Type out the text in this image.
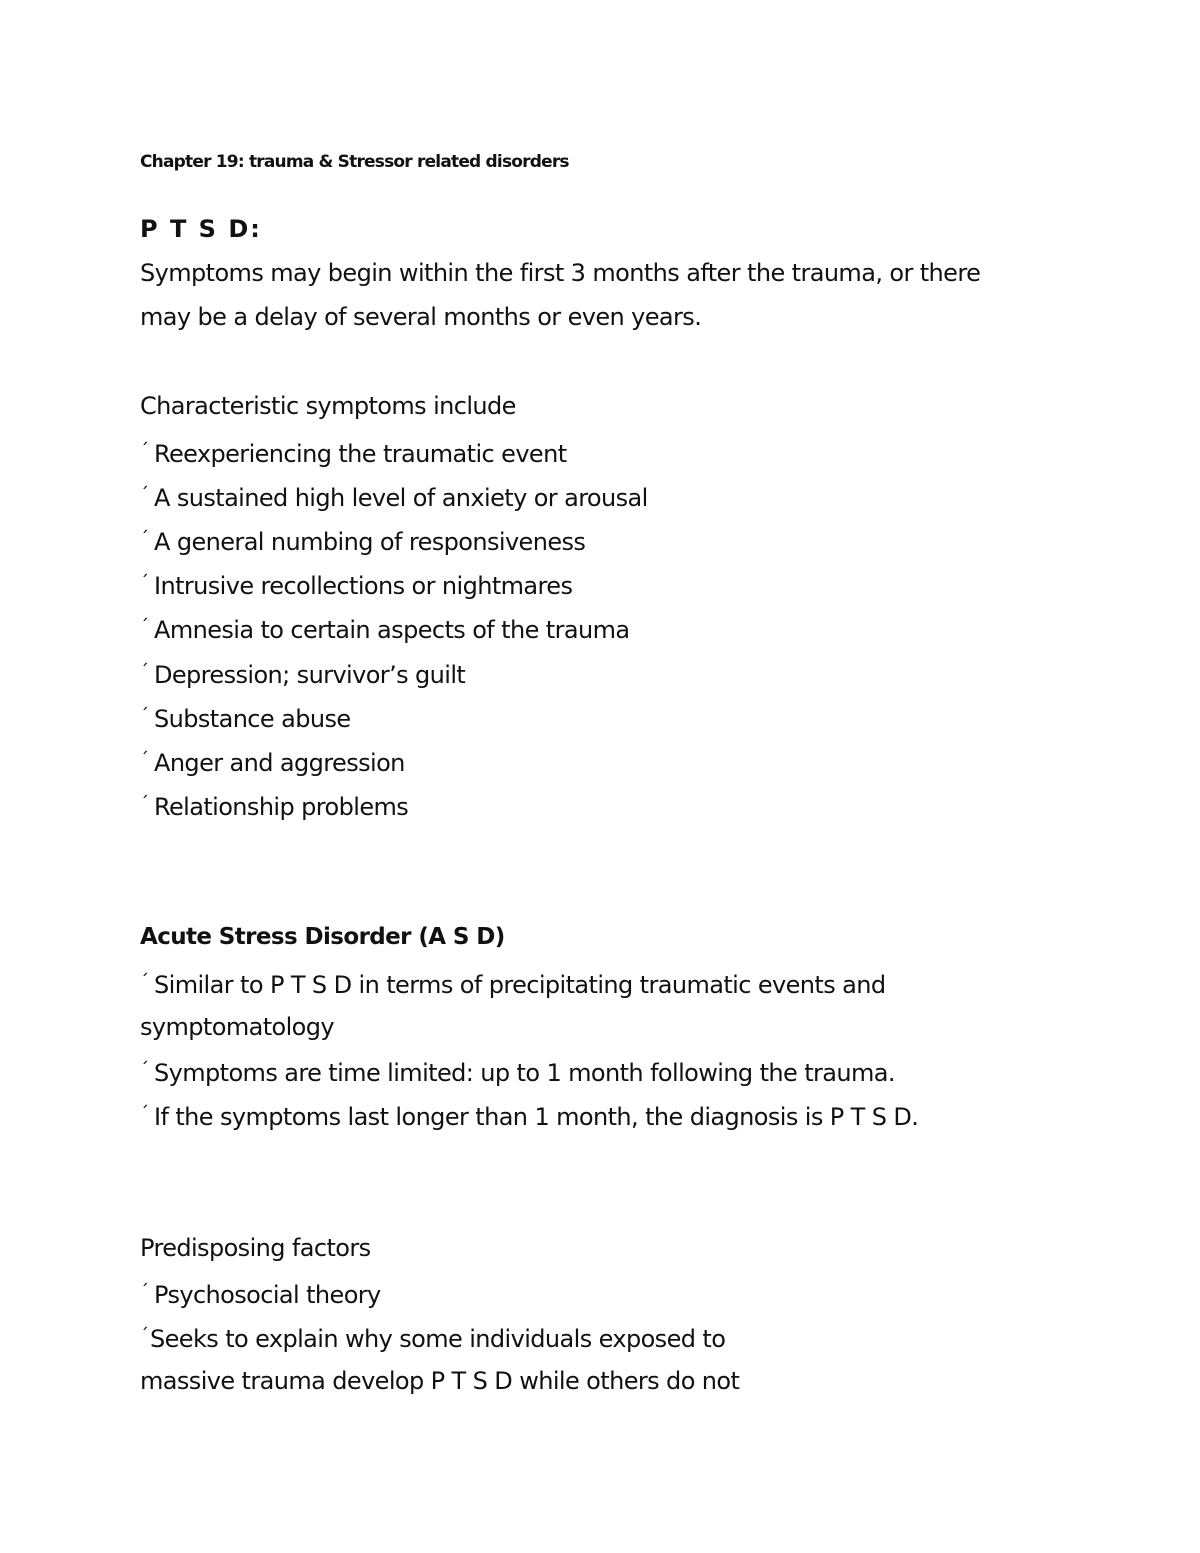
Chapter 19: trauma & Stressor related disorders
P T S D:
Symptoms may begin within the first 3 months after the trauma, or there
may be a delay of several months or even years.
Characteristic symptoms include
´ Reexperiencing the traumatic event
´ A sustained high level of anxiety or arousal
´ A general numbing of responsiveness
´ Intrusive recollections or nightmares
´ Amnesia to certain aspects of the trauma
´ Depression; survivor’s guilt
´ Substance abuse
´ Anger and aggression
´ Relationship problems
Acute Stress Disorder (A S D)
´ Similar to P T S D in terms of precipitating traumatic events and
symptomatology
´ Symptoms are time limited: up to 1 month following the trauma.
´ If the symptoms last longer than 1 month, the diagnosis is P T S D.
Predisposing factors
´ Psychosocial theory
´Seeks to explain why some individuals exposed to
massive trauma develop P T S D while others do not
